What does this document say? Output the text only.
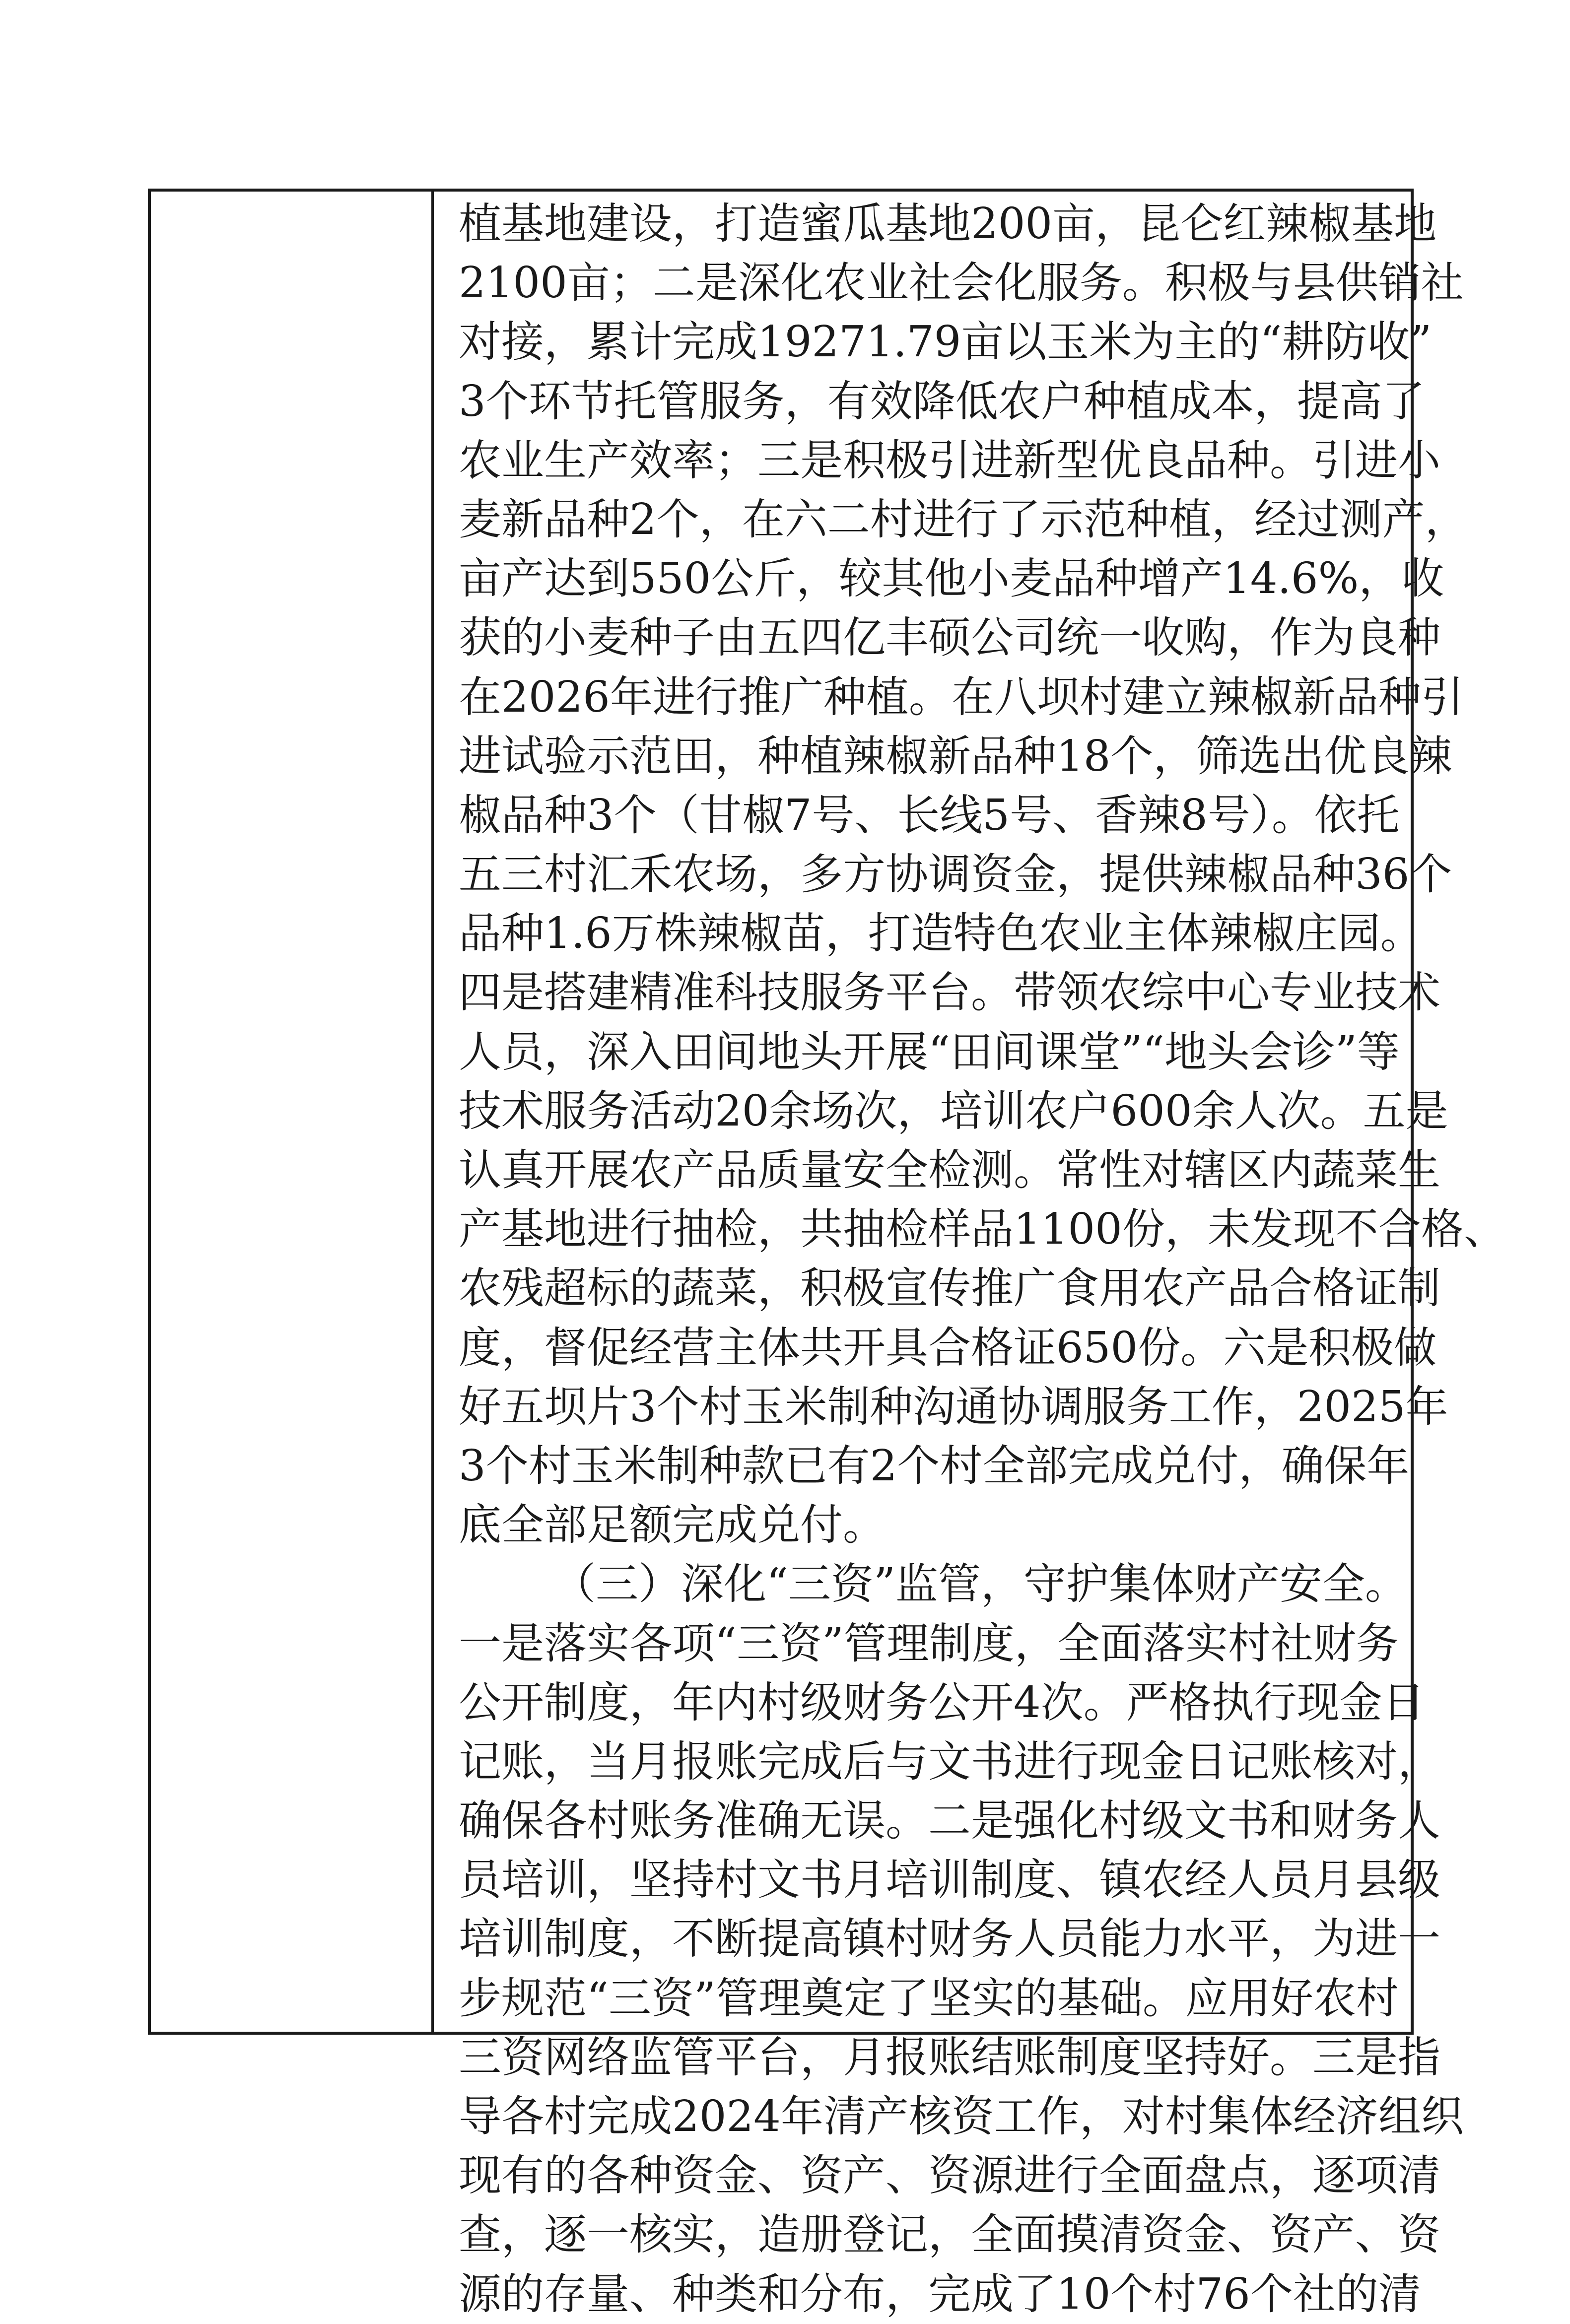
植基地建设，打造蜜瓜基地200亩，昆仑红辣椒基地
2100亩；二是深化农业社会化服务。积极与县供销社
对接，累计完成19271.79亩以玉米为主的“耕防收”
3个环节托管服务，有效降低农户种植成本，提高了
农业生产效率；三是积极引进新型优良品种。引进小
麦新品种2个，在六二村进行了示范种植，经过测产，
亩产达到550公斤，较其他小麦品种增产14.6%，收
获的小麦种子由五四亿丰硕公司统一收购，作为良种
在2026年进行推广种植。在八坝村建立辣椒新品种引
进试验示范田，种植辣椒新品种18个，筛选出优良辣
椒品种3个（甘椒7号、长线5号、香辣8号）。依托
五三村汇禾农场，多方协调资金，提供辣椒品种36个
品种1.6万株辣椒苗，打造特色农业主体辣椒庄园。
四是搭建精准科技服务平台。带领农综中心专业技术
人员，深入田间地头开展“田间课堂”“地头会诊”等
技术服务活动20余场次，培训农户600余人次。五是
认真开展农产品质量安全检测。常性对辖区内蔬菜生
产基地进行抽检，共抽检样品1100份，未发现不合格、
农残超标的蔬菜，积极宣传推广食用农产品合格证制
度，督促经营主体共开具合格证650份。六是积极做
好五坝片3个村玉米制种沟通协调服务工作，2025年
3个村玉米制种款已有2个村全部完成兑付，确保年
底全部足额完成兑付。
（三）深化“三资”监管，守护集体财产安全。
一是落实各项“三资”管理制度，全面落实村社财务
公开制度，年内村级财务公开4次。严格执行现金日
记账，当月报账完成后与文书进行现金日记账核对，
确保各村账务准确无误。二是强化村级文书和财务人
员培训，坚持村文书月培训制度、镇农经人员月县级
培训制度，不断提高镇村财务人员能力水平，为进一
步规范“三资”管理奠定了坚实的基础。应用好农村
三资网络监管平台，月报账结账制度坚持好。三是指
导各村完成2024年清产核资工作，对村集体经济组织
现有的各种资金、资产、资源进行全面盘点，逐项清
查，逐一核实，造册登记，全面摸清资金、资产、资
源的存量、种类和分布，完成了10个村76个社的清
